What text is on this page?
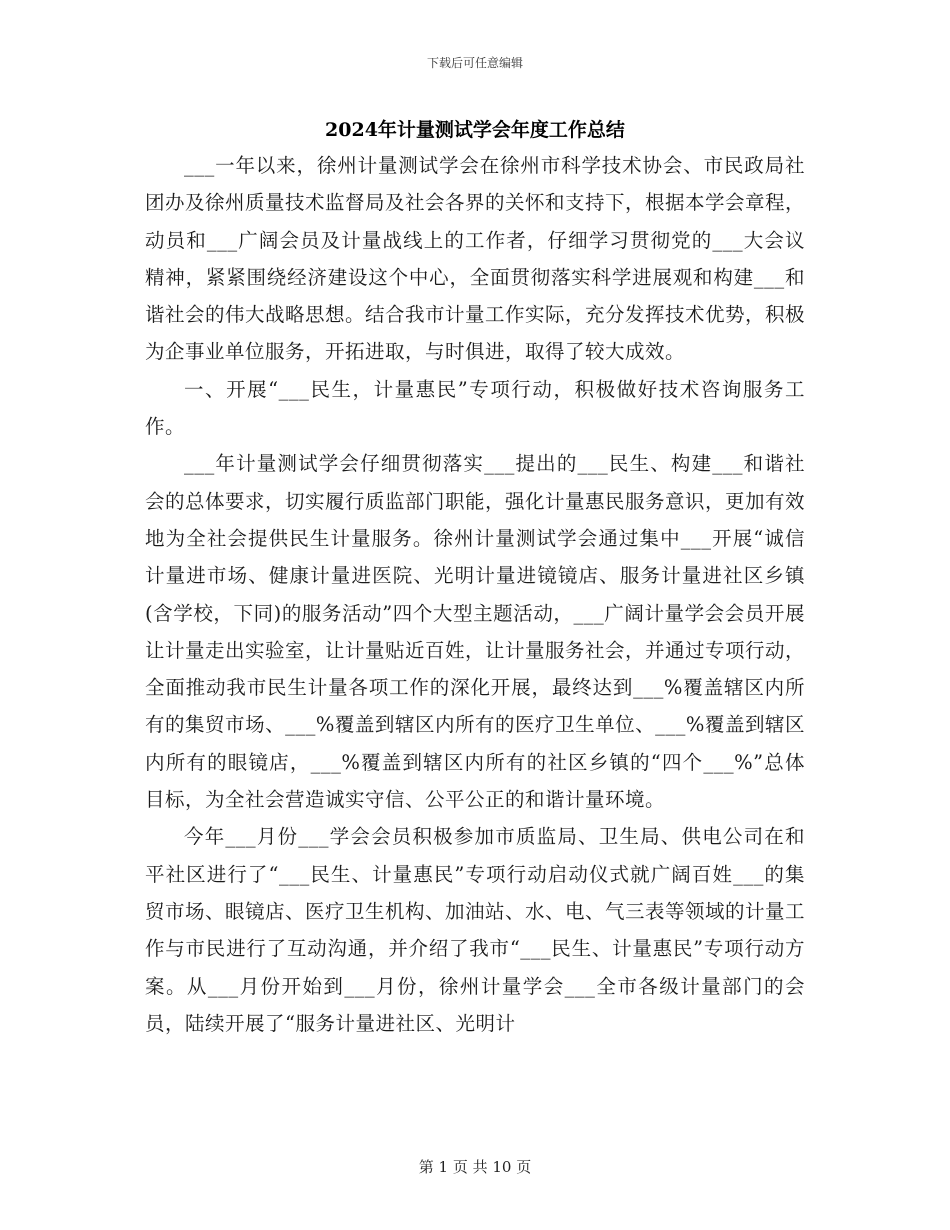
下载后可任意编辑
2024年计量测试学会年度工作总结

___一年以来，徐州计量测试学会在徐州市科学技术协会、市民政局社团办及徐州质量技术监督局及社会各界的关怀和支持下，根据本学会章程，动员和___广阔会员及计量战线上的工作者，仔细学习贯彻党的___大会议精神，紧紧围绕经济建设这个中心，全面贯彻落实科学进展观和构建___和谐社会的伟大战略思想。结合我市计量工作实际，充分发挥技术优势，积极为企事业单位服务，开拓进取，与时俱进，取得了较大成效。

一、开展“___民生，计量惠民”专项行动，积极做好技术咨询服务工作。

___年计量测试学会仔细贯彻落实___提出的___民生、构建___和谐社会的总体要求，切实履行质监部门职能，强化计量惠民服务意识，更加有效地为全社会提供民生计量服务。徐州计量测试学会通过集中___开展“诚信计量进市场、健康计量进医院、光明计量进镜镜店、服务计量进社区乡镇(含学校，下同)的服务活动”四个大型主题活动，___广阔计量学会会员开展让计量走出实验室，让计量贴近百姓，让计量服务社会，并通过专项行动，全面推动我市民生计量各项工作的深化开展，最终达到___%覆盖辖区内所有的集贸市场、___%覆盖到辖区内所有的医疗卫生单位、___%覆盖到辖区内所有的眼镜店，___%覆盖到辖区内所有的社区乡镇的“四个___%”总体目标，为全社会营造诚实守信、公平公正的和谐计量环境。

今年___月份___学会会员积极参加市质监局、卫生局、供电公司在和平社区进行了“___民生、计量惠民”专项行动启动仪式就广阔百姓___的集贸市场、眼镜店、医疗卫生机构、加油站、水、电、气三表等领域的计量工作与市民进行了互动沟通，并介绍了我市“___民生、计量惠民”专项行动方案。从___月份开始到___月份，徐州计量学会___全市各级计量部门的会员，陆续开展了“服务计量进社区、光明计

第 1 页 共 10 页
